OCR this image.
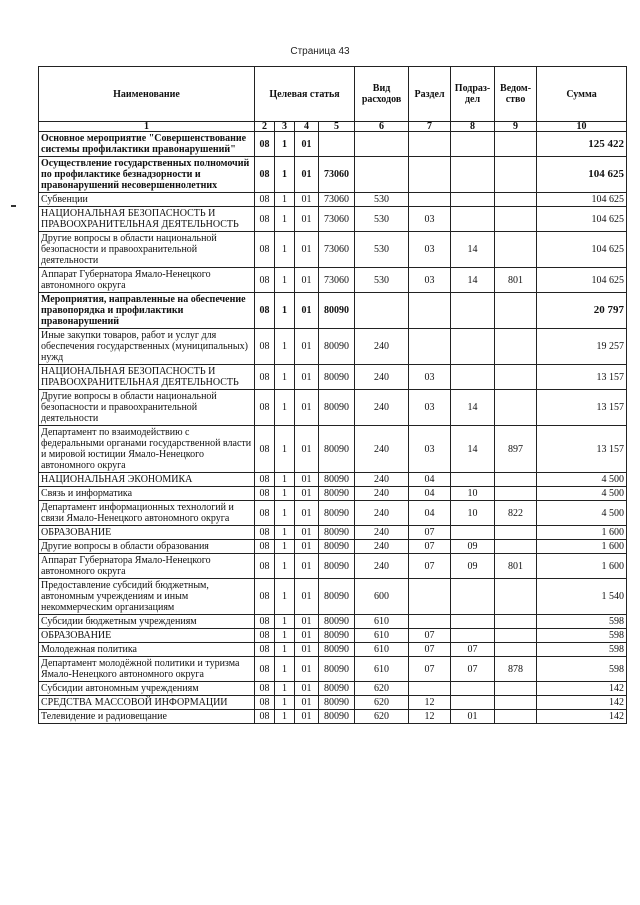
Страница 43
Наименование	Целевая статья				Вид расходов	Раздел	Подраз-дел	Ведом-ство	Сумма
1	2	3	4	5	6	7	8	9	10
Основное мероприятие "Совершенствование системы профилактики правонарушений"	08	1	01						125 422
Осуществление государственных полномочий по профилактике безнадзорности и правонарушений несовершеннолетних	08	1	01	73060					104 625
Субвенции	08	1	01	73060	530				104 625
НАЦИОНАЛЬНАЯ БЕЗОПАСНОСТЬ И ПРАВООХРАНИТЕЛЬНАЯ ДЕЯТЕЛЬНОСТЬ	08	1	01	73060	530	03			104 625
Другие вопросы в области национальной безопасности и правоохранительной деятельности	08	1	01	73060	530	03	14		104 625
Аппарат Губернатора Ямало-Ненецкого автономного округа	08	1	01	73060	530	03	14	801	104 625
Мероприятия, направленные на обеспечение правопорядка и профилактики правонарушений	08	1	01	80090					20 797
Иные закупки товаров, работ и услуг для обеспечения государственных (муниципальных) нужд	08	1	01	80090	240				19 257
НАЦИОНАЛЬНАЯ БЕЗОПАСНОСТЬ И ПРАВООХРАНИТЕЛЬНАЯ ДЕЯТЕЛЬНОСТЬ	08	1	01	80090	240	03			13 157
Другие вопросы в области национальной безопасности и правоохранительной деятельности	08	1	01	80090	240	03	14		13 157
Департамент по взаимодействию с федеральными органами государственной власти и мировой юстиции Ямало-Ненецкого автономного округа	08	1	01	80090	240	03	14	897	13 157
НАЦИОНАЛЬНАЯ ЭКОНОМИКА	08	1	01	80090	240	04			4 500
Связь и информатика	08	1	01	80090	240	04	10		4 500
Департамент информационных технологий и связи Ямало-Ненецкого автономного округа	08	1	01	80090	240	04	10	822	4 500
ОБРАЗОВАНИЕ	08	1	01	80090	240	07			1 600
Другие вопросы в области образования	08	1	01	80090	240	07	09		1 600
Аппарат Губернатора Ямало-Ненецкого автономного округа	08	1	01	80090	240	07	09	801	1 600
Предоставление субсидий бюджетным, автономным учреждениям и иным некоммерческим организациям	08	1	01	80090	600				1 540
Субсидии бюджетным учреждениям	08	1	01	80090	610				598
ОБРАЗОВАНИЕ	08	1	01	80090	610	07			598
Молодежная политика	08	1	01	80090	610	07	07		598
Департамент молодёжной политики и туризма Ямало-Ненецкого автономного округа	08	1	01	80090	610	07	07	878	598
Субсидии автономным учреждениям	08	1	01	80090	620				142
СРЕДСТВА МАССОВОЙ ИНФОРМАЦИИ	08	1	01	80090	620	12			142
Телевидение и радиовещание	08	1	01	80090	620	12	01		142
